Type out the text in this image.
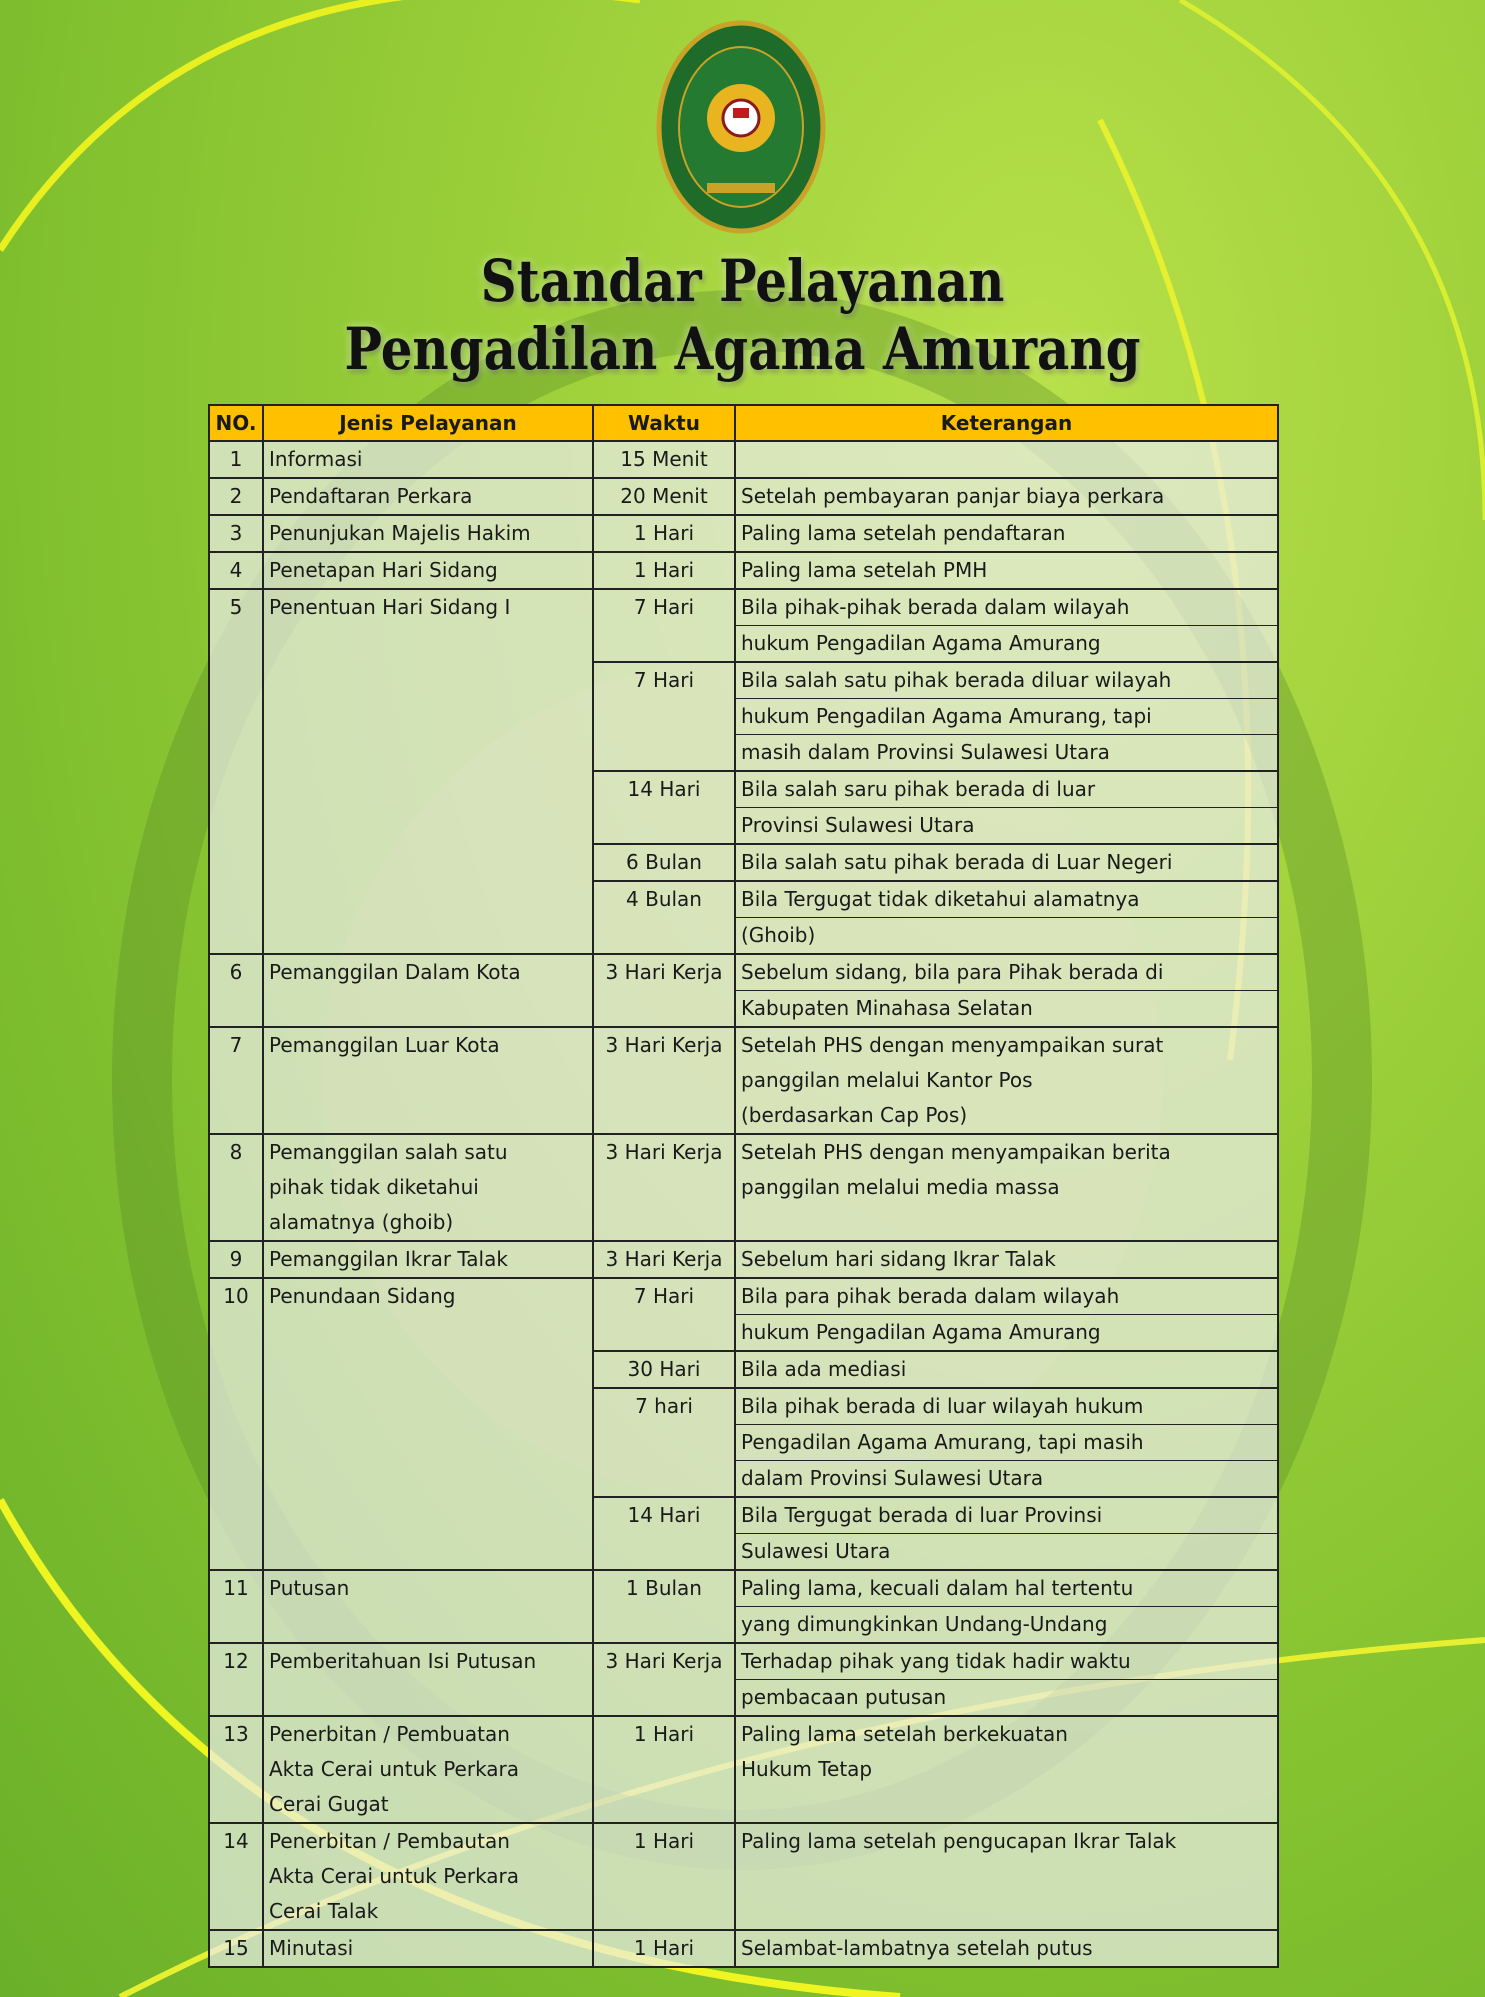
Standar Pelayanan
Pengadilan Agama Amurang
NO.	Jenis Pelayanan	Waktu	Keterangan
1	Informasi	15 Menit	
2	Pendaftaran Perkara	20 Menit	Setelah pembayaran panjar biaya perkara
3	Penunjukan Majelis Hakim	1 Hari	Paling lama setelah pendaftaran
4	Penetapan Hari Sidang	1 Hari	Paling lama setelah PMH
5	Penentuan Hari Sidang I	7 Hari	Bila pihak-pihak berada dalam wilayah
			hukum Pengadilan Agama Amurang
		7 Hari	Bila salah satu pihak berada diluar wilayah
			hukum Pengadilan Agama Amurang, tapi
			masih dalam Provinsi Sulawesi Utara
		14 Hari	Bila salah saru pihak berada di luar
			Provinsi Sulawesi Utara
		6 Bulan	Bila salah satu pihak berada di Luar Negeri
		4 Bulan	Bila Tergugat tidak diketahui alamatnya
			(Ghoib)
6	Pemanggilan Dalam Kota	3 Hari Kerja	Sebelum sidang, bila para Pihak berada di
			Kabupaten Minahasa Selatan
7	Pemanggilan Luar Kota	3 Hari Kerja	Setelah PHS dengan menyampaikan surat
			panggilan melalui Kantor Pos
			(berdasarkan Cap Pos)
8	Pemanggilan salah satu	3 Hari Kerja	Setelah PHS dengan menyampaikan berita
	pihak tidak diketahui		panggilan melalui media massa
	alamatnya (ghoib)		
9	Pemanggilan Ikrar Talak	3 Hari Kerja	Sebelum hari sidang Ikrar Talak
10	Penundaan Sidang	7 Hari	Bila para pihak berada dalam wilayah
			hukum Pengadilan Agama Amurang
		30 Hari	Bila ada mediasi
		7 hari	Bila pihak berada di luar wilayah hukum
			Pengadilan Agama Amurang, tapi masih
			dalam Provinsi Sulawesi Utara
		14 Hari	Bila Tergugat berada di luar Provinsi
			Sulawesi Utara
11	Putusan	1 Bulan	Paling lama, kecuali dalam hal tertentu
			yang dimungkinkan Undang-Undang
12	Pemberitahuan Isi Putusan	3 Hari Kerja	Terhadap pihak yang tidak hadir waktu
			pembacaan putusan
13	Penerbitan / Pembuatan	1 Hari	Paling lama setelah berkekuatan
	Akta Cerai untuk Perkara		Hukum Tetap
	Cerai Gugat		
14	Penerbitan / Pembautan	1 Hari	Paling lama setelah pengucapan Ikrar Talak
	Akta Cerai untuk Perkara		
	Cerai Talak		
15	Minutasi	1 Hari	Selambat-lambatnya setelah putus
